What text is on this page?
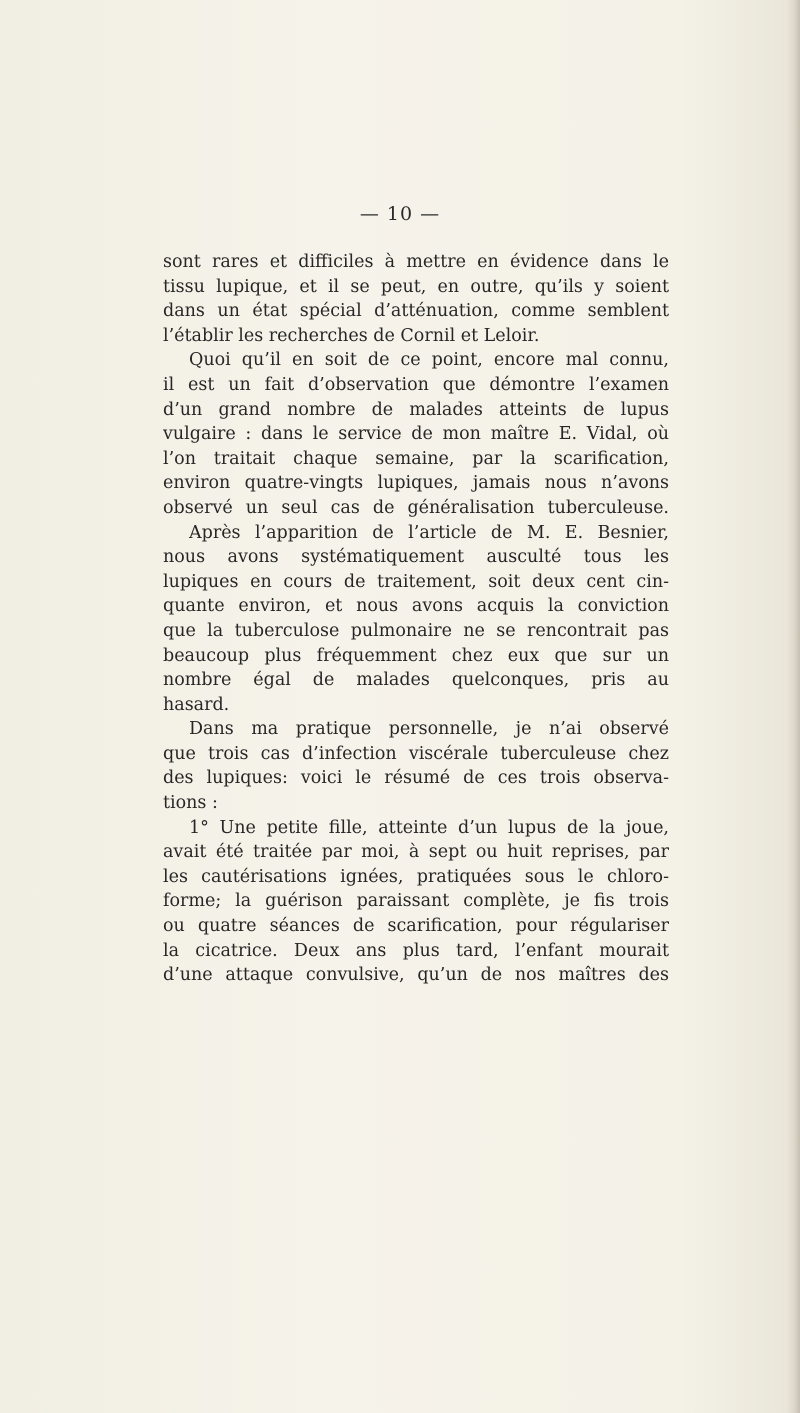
— 10 —
sont rares et difficiles à mettre en évidence dans le
tissu lupique, et il se peut, en outre, qu’ils y soient
dans un état spécial d’atténuation, comme semblent
l’établir les recherches de Cornil et Leloir.
Quoi qu’il en soit de ce point, encore mal connu,
il est un fait d’observation que démontre l’examen
d’un grand nombre de malades atteints de lupus
vulgaire : dans le service de mon maître E. Vidal, où
l’on traitait chaque semaine, par la scarification,
environ quatre-vingts lupiques, jamais nous n’avons
observé un seul cas de généralisation tuberculeuse.
Après l’apparition de l’article de M. E. Besnier,
nous avons systématiquement ausculté tous les
lupiques en cours de traitement, soit deux cent cin-
quante environ, et nous avons acquis la conviction
que la tuberculose pulmonaire ne se rencontrait pas
beaucoup plus fréquemment chez eux que sur un
nombre égal de malades quelconques, pris au
hasard.
Dans ma pratique personnelle, je n’ai observé
que trois cas d’infection viscérale tuberculeuse chez
des lupiques: voici le résumé de ces trois observa-
tions :
1° Une petite fille, atteinte d’un lupus de la joue,
avait été traitée par moi, à sept ou huit reprises, par
les cautérisations ignées, pratiquées sous le chloro-
forme; la guérison paraissant complète, je fis trois
ou quatre séances de scarification, pour régulariser
la cicatrice. Deux ans plus tard, l’enfant mourait
d’une attaque convulsive, qu’un de nos maîtres des
